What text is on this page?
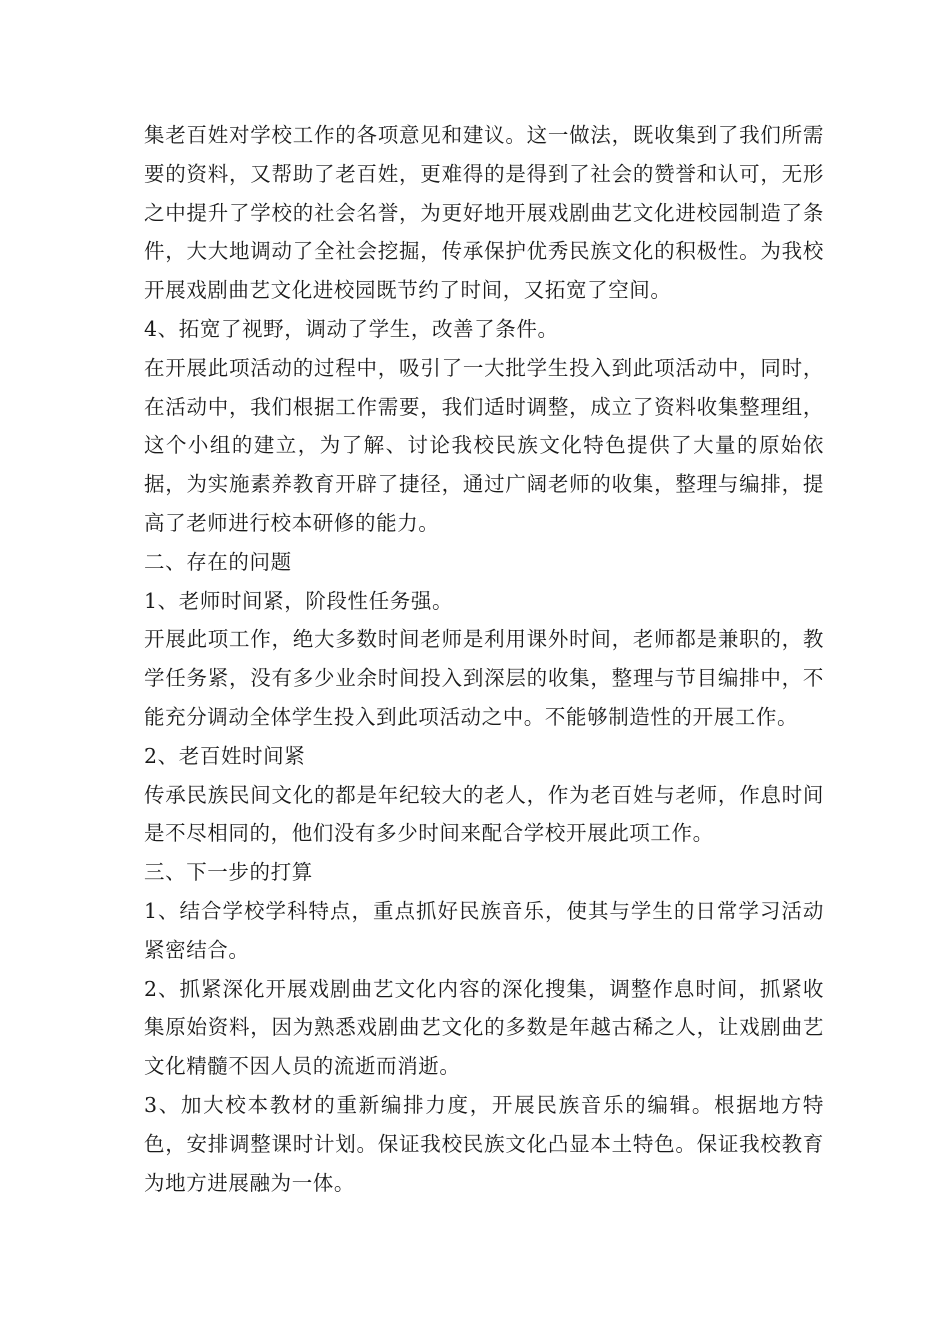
集老百姓对学校工作的各项意见和建议。这一做法，既收集到了我们所需要的资料，又帮助了老百姓，更难得的是得到了社会的赞誉和认可，无形之中提升了学校的社会名誉，为更好地开展戏剧曲艺文化进校园制造了条件，大大地调动了全社会挖掘，传承保护优秀民族文化的积极性。为我校开展戏剧曲艺文化进校园既节约了时间，又拓宽了空间。

4、拓宽了视野，调动了学生，改善了条件。

在开展此项活动的过程中，吸引了一大批学生投入到此项活动中，同时，在活动中，我们根据工作需要，我们适时调整，成立了资料收集整理组，这个小组的建立，为了解、讨论我校民族文化特色提供了大量的原始依据，为实施素养教育开辟了捷径，通过广阔老师的收集，整理与编排，提高了老师进行校本研修的能力。

二、存在的问题

1、老师时间紧，阶段性任务强。

开展此项工作，绝大多数时间老师是利用课外时间，老师都是兼职的，教学任务紧，没有多少业余时间投入到深层的收集，整理与节目编排中，不能充分调动全体学生投入到此项活动之中。不能够制造性的开展工作。

2、老百姓时间紧

传承民族民间文化的都是年纪较大的老人，作为老百姓与老师，作息时间是不尽相同的，他们没有多少时间来配合学校开展此项工作。

三、下一步的打算

1、结合学校学科特点，重点抓好民族音乐，使其与学生的日常学习活动紧密结合。

2、抓紧深化开展戏剧曲艺文化内容的深化搜集，调整作息时间，抓紧收集原始资料，因为熟悉戏剧曲艺文化的多数是年越古稀之人，让戏剧曲艺文化精髓不因人员的流逝而消逝。

3、加大校本教材的重新编排力度，开展民族音乐的编辑。根据地方特色，安排调整课时计划。保证我校民族文化凸显本土特色。保证我校教育为地方进展融为一体。
